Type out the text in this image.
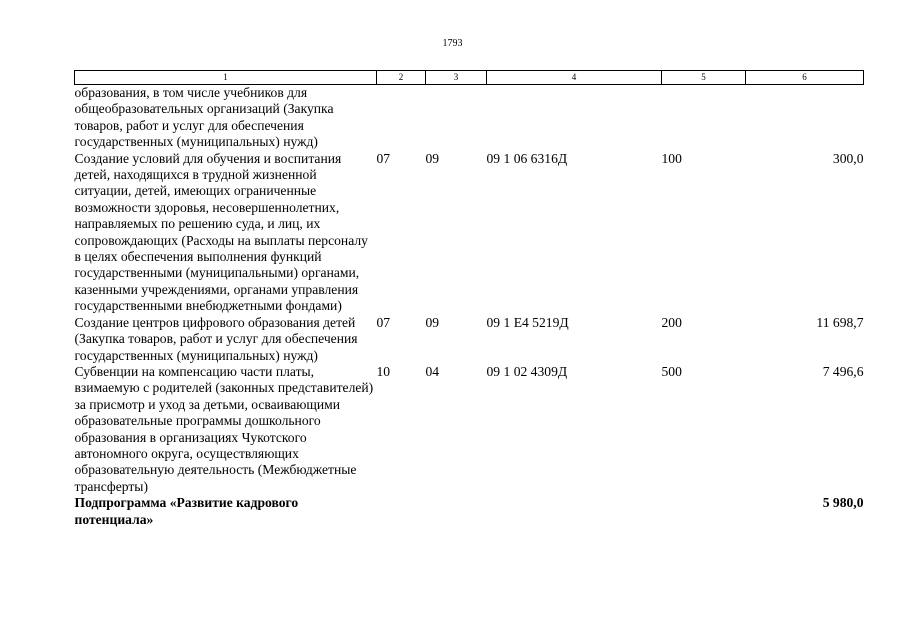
1793
1	2	3	4	5	6
образования, в том числе учебников для общеобразовательных организаций (Закупка товаров, работ и услуг для обеспечения государственных (муниципальных) нужд)					
Создание условий для обучения и воспитания детей, находящихся в трудной жизненной ситуации, детей, имеющих ограниченные возможности здоровья, несовершеннолетних, направляемых по решению суда, и лиц, их сопровождающих (Расходы на выплаты персоналу в целях обеспечения выполнения функций государственными (муниципальными) органами, казенными учреждениями, органами управления государственными внебюджетными фондами)	07	09	09 1 06 6316Д	100	300,0
Создание центров цифрового образования детей (Закупка товаров, работ и услуг для обеспечения государственных (муниципальных) нужд)	07	09	09 1 E4 5219Д	200	11 698,7
Субвенции на компенсацию части платы, взимаемую с родителей (законных представителей) за присмотр и уход за детьми, осваивающими образовательные программы дошкольного образования в организациях Чукотского автономного округа, осуществляющих образовательную деятельность (Межбюджетные трансферты)	10	04	09 1 02 4309Д	500	7 496,6
Подпрограмма «Развитие кадрового потенциала»					5 980,0
